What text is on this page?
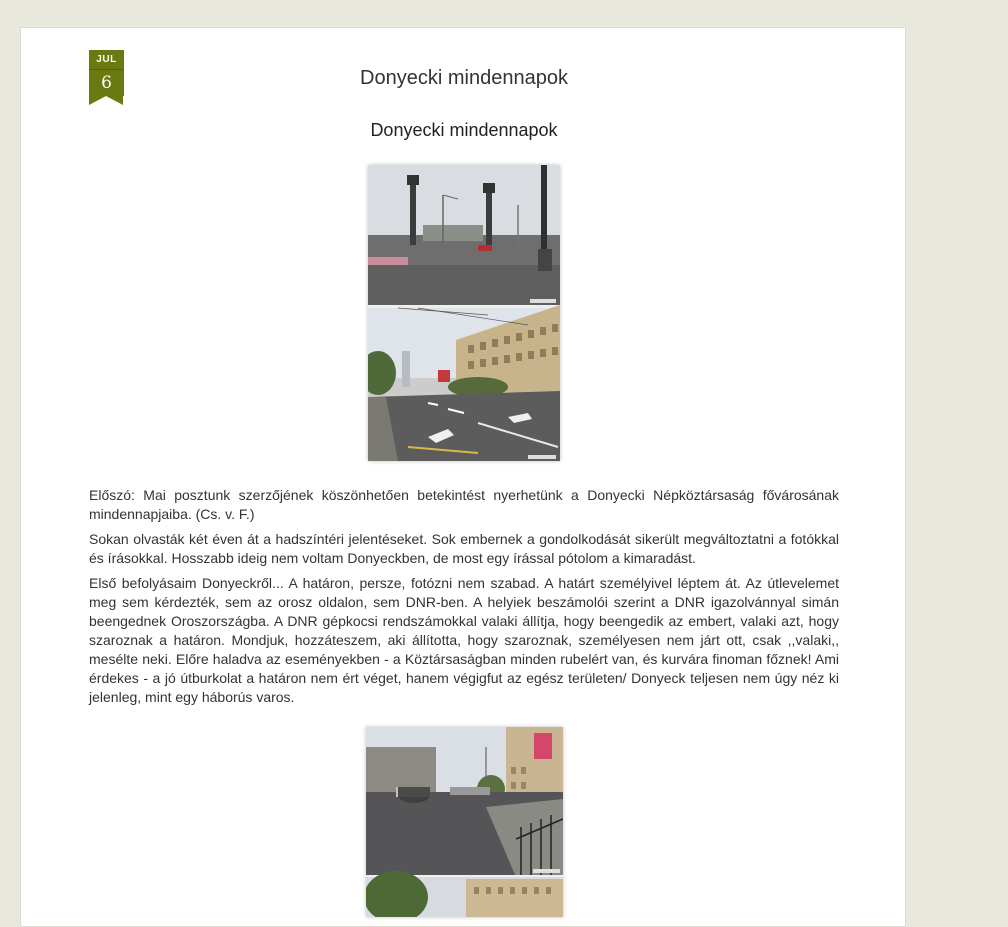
JUL
6	Donyecki mindennapok
Donyecki mindennapok

Előszó: Mai posztunk szerzőjének köszönhetően betekintést nyerhetünk a Donyecki Népköztársaság fővárosának mindennapjaiba. (Cs. v. F.)

Sokan olvasták két éven át a hadszíntéri jelentéseket. Sok embernek a gondolkodását sikerült megváltoztatni a fotókkal és írásokkal. Hosszabb ideig nem voltam Donyeckben, de most egy írással pótolom a kimaradást.

Első befolyásaim Donyeckről... A határon, persze, fotózni nem szabad. A határt személyivel léptem át. Az útlevelemet meg sem kérdezték, sem az orosz oldalon, sem DNR-ben. A helyiek beszámolói szerint a DNR igazolvánnyal simán beengednek Oroszországba. A DNR gépkocsi rendszámokkal valaki állítja, hogy beengedik az embert, valaki azt, hogy szaroznak a határon. Mondjuk, hozzáteszem, aki állította, hogy szaroznak, személyesen nem járt ott, csak ,,valaki,, mesélte neki. Előre haladva az eseményekben - a Köztársaságban minden rubelért van, és kurvára finoman főznek! Ami érdekes - a jó útburkolat a határon nem ért véget, hanem végigfut az egész területen/ Donyeck teljesen nem úgy néz ki jelenleg, mint egy háborús varos.
